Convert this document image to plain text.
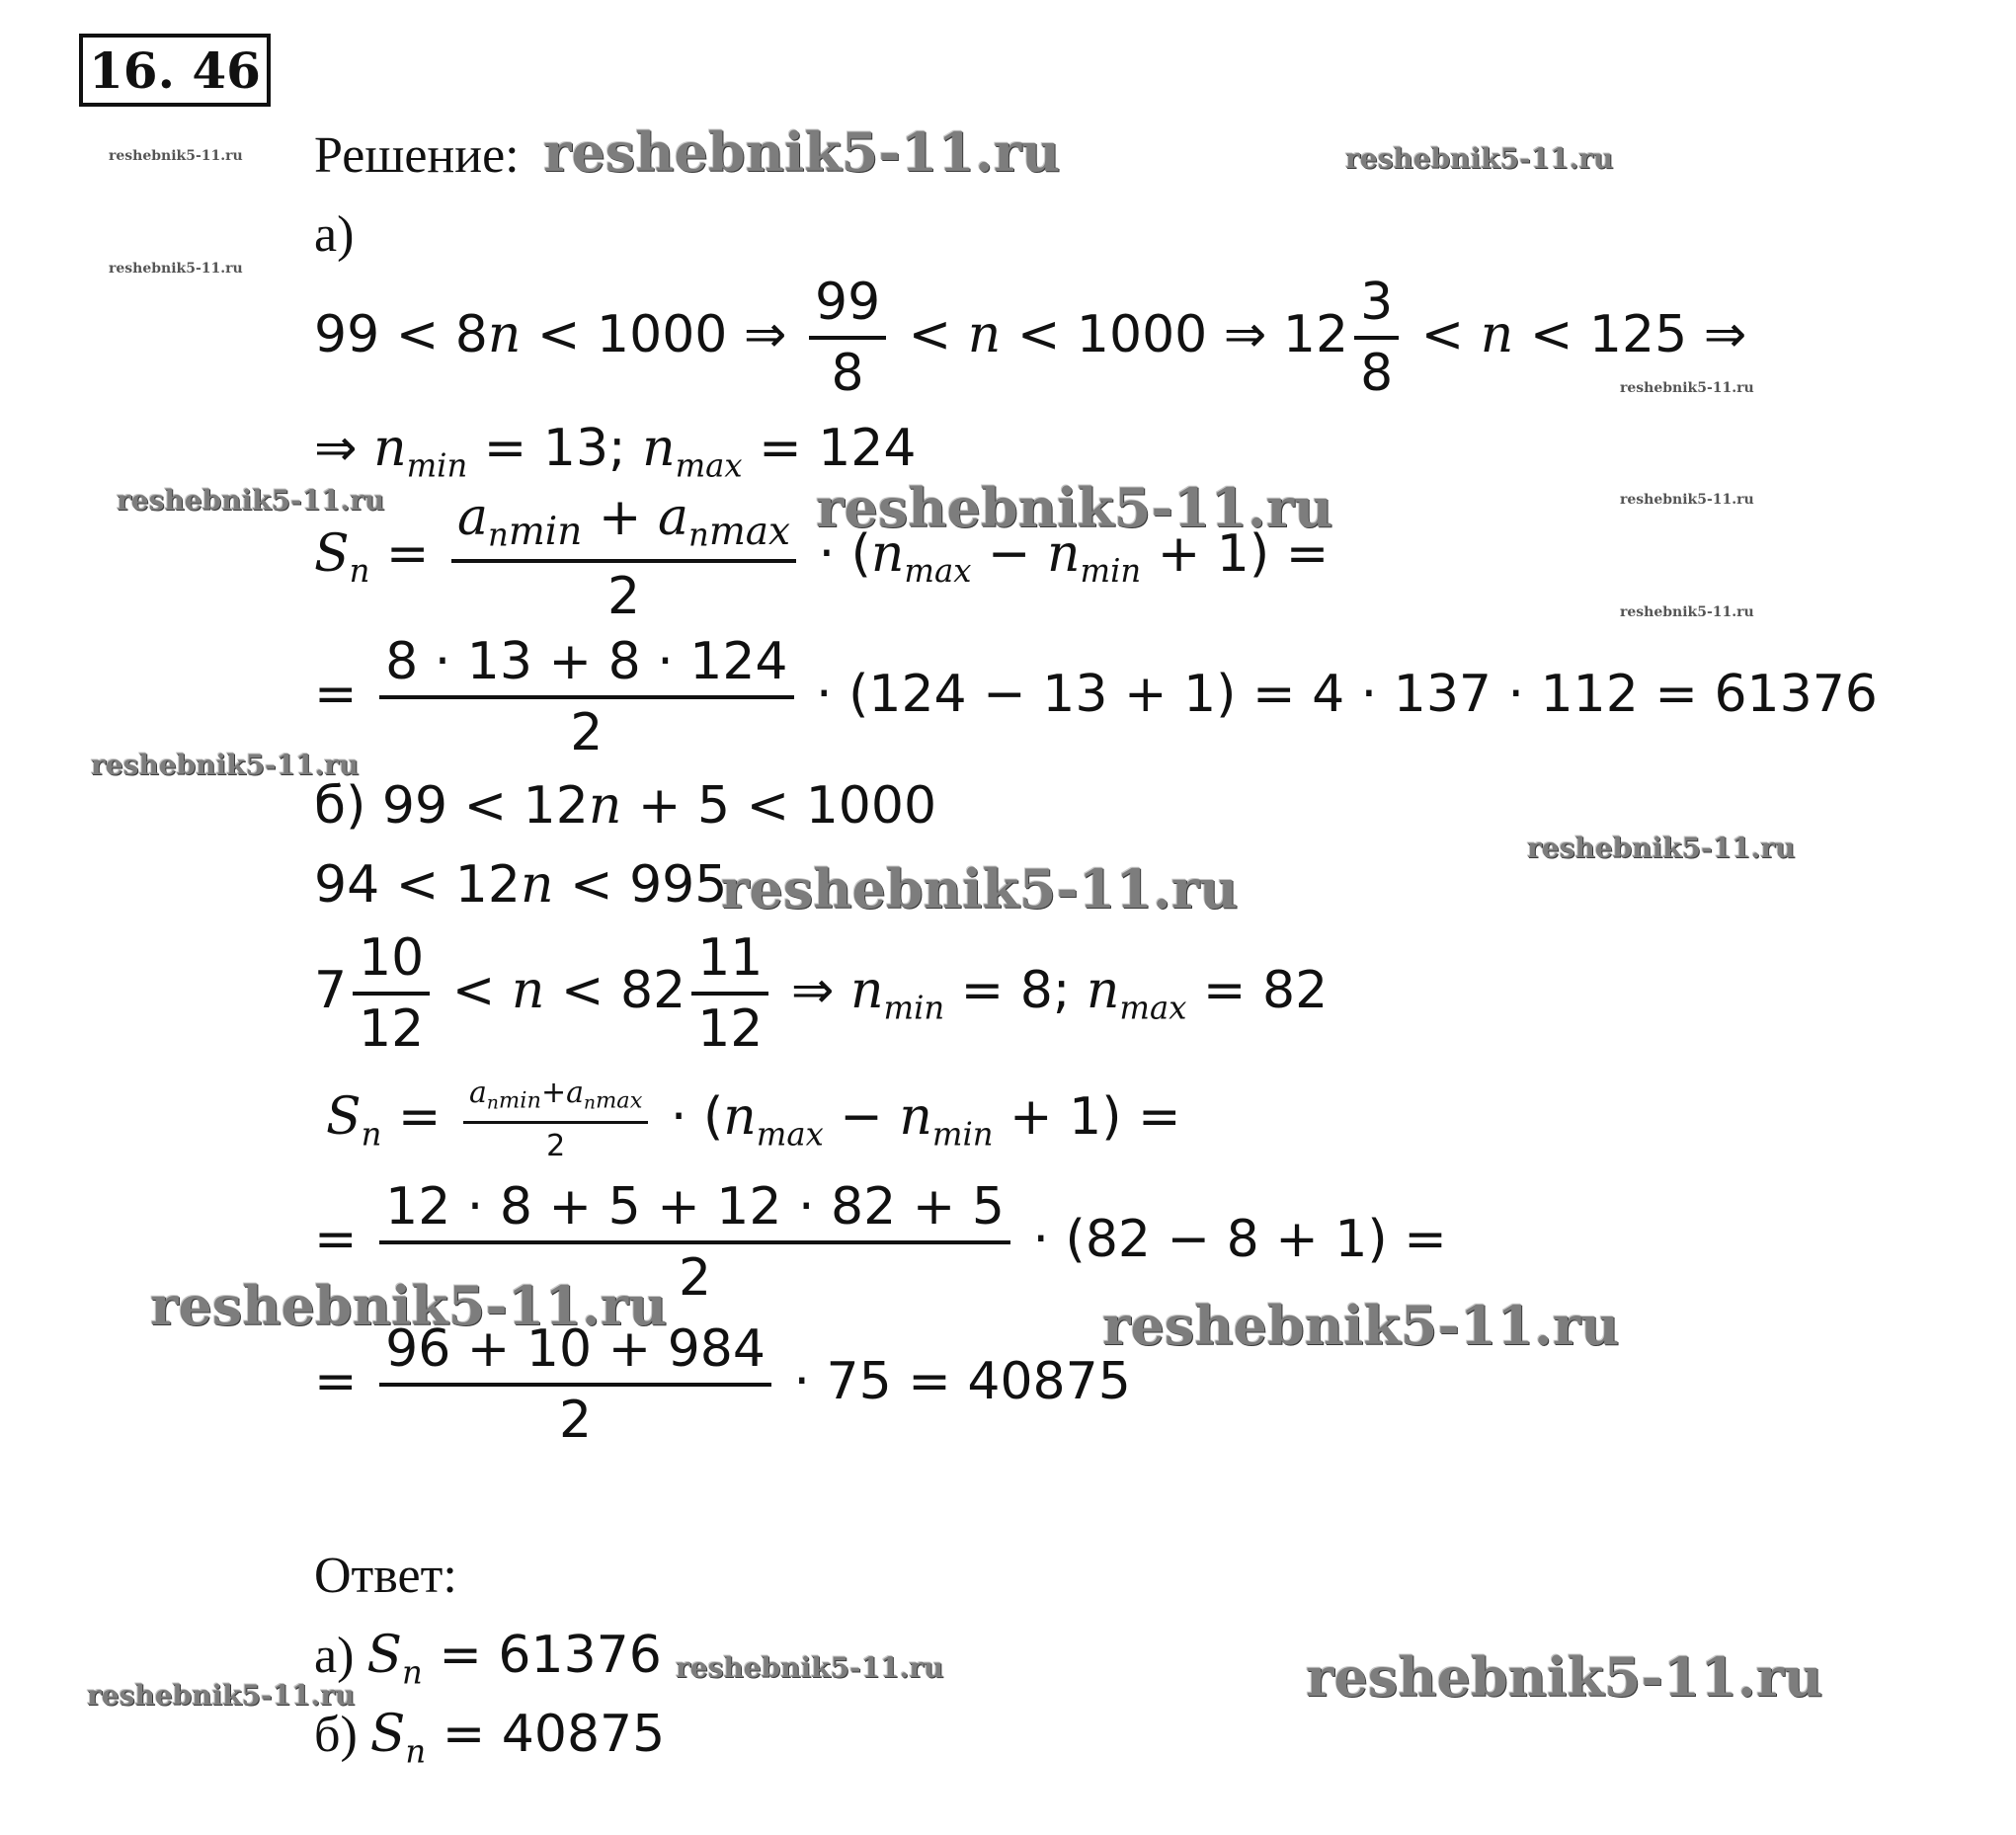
16. 46
reshebnik5-11.ru
reshebnik5-11.ru
reshebnik5-11.ru	reshebnik5-11.ru
reshebnik5-11.ru
reshebnik5-11.ru
reshebnik5-11.ru
reshebnik5-11.ru	reshebnik5-11.ru
reshebnik5-11.ru
reshebnik5-11.ru
reshebnik5-11.ru
reshebnik5-11.ru	reshebnik5-11.ru
reshebnik5-11.ru
reshebnik5-11.ru	reshebnik5-11.ru
Решение:
а)
99 < 8n < 1000 ⇒ $\frac{99}{8} < n < 1000$ ⇒ $12 \frac{3}{8} < n < 125$ ⇒
⇒ $n_{min} = 13$; $n_{max} = 124$
$S_n = \frac{a_n\min + a_n\max}{2} \cdot (n_{max} - n_{min} + 1)$ =
= $\frac{8 \cdot 13 + 8 \cdot 124}{2} \cdot (124 - 13 + 1) = 4 \cdot 137 \cdot 112 = 61376$
б) 99 < 12n + 5 < 1000
94 < 12n < 995
$7 \frac{10}{12} < n < 82 \frac{11}{12}$ ⇒ $n_{min} = 8$; $n_{max} = 82$
$S_n = \frac{a_n\min+a_n\max}{2} \cdot (n_{max} - n_{min} + 1)$ =
= $\frac{12 \cdot 8 + 5 + 12 \cdot 82 + 5}{2} \cdot (82 - 8 + 1)$ =
= $\frac{96 + 10 + 984}{2} \cdot 75 = 40875$
Ответ:
а) $S_n = 61376$
б) $S_n = 40875$
